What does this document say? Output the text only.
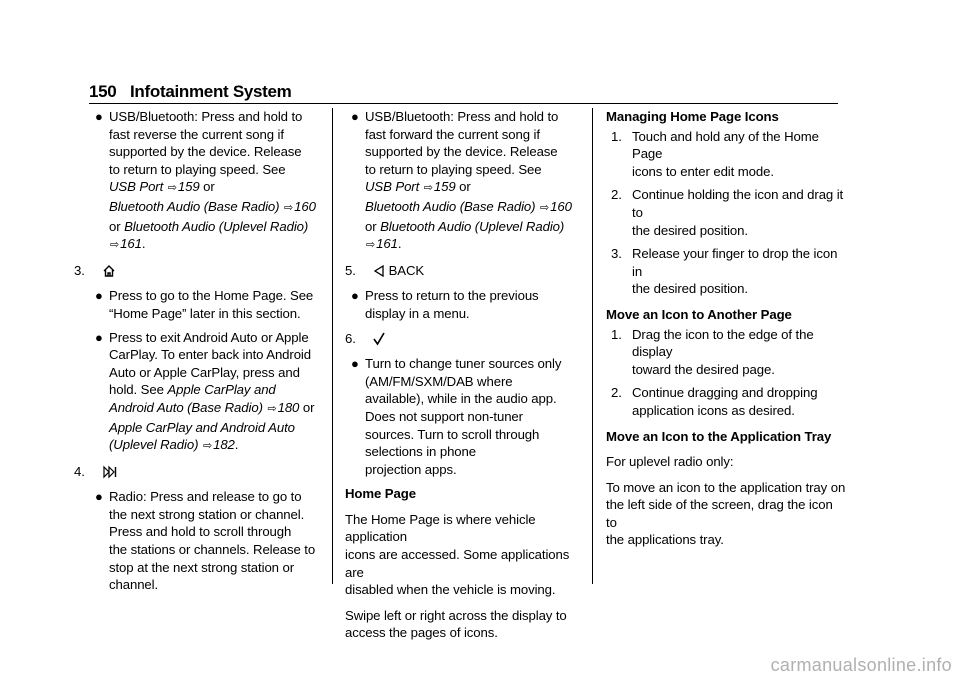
150 Infotainment System
● USB/Bluetooth: Press and hold to

fast reverse the current song if

supported by the device. Release

to return to playing speed. See

USB Port ⇨159 or

Bluetooth Audio (Base Radio) ⇨160

or Bluetooth Audio (Uplevel Radio)

⇨161.

3.
● Press to go to the Home Page. See

“Home Page” later in this section.

● Press to exit Android Auto or Apple

CarPlay. To enter back into Android

Auto or Apple CarPlay, press and

hold. See Apple CarPlay and

Android Auto (Base Radio) ⇨180 or

Apple CarPlay and Android Auto

(Uplevel Radio) ⇨182.

4.
● Radio: Press and release to go to

the next strong station or channel.

Press and hold to scroll through

the stations or channels. Release to

stop at the next strong station or

channel.

● USB/Bluetooth: Press and hold to

fast forward the current song if

supported by the device. Release

to return to playing speed. See

USB Port ⇨159 or

Bluetooth Audio (Base Radio) ⇨160

or Bluetooth Audio (Uplevel Radio)

⇨161.

5. BACK
● Press to return to the previous

display in a menu.

6.
● Turn to change tuner sources only

(AM/FM/SXM/DAB where

available), while in the audio app.

Does not support non-tuner

sources. Turn to scroll through

selections in phone

projection apps.

Home Page

The Home Page is where vehicle application

icons are accessed. Some applications are

disabled when the vehicle is moving.

Swipe left or right across the display to

access the pages of icons.

Managing Home Page Icons

1. Touch and hold any of the Home Page

icons to enter edit mode.

2. Continue holding the icon and drag it to

the desired position.

3. Release your finger to drop the icon in

the desired position.

Move an Icon to Another Page

1. Drag the icon to the edge of the display

toward the desired page.

2. Continue dragging and dropping

application icons as desired.

Move an Icon to the Application Tray

For uplevel radio only:

To move an icon to the application tray on

the left side of the screen, drag the icon to

the applications tray.

carmanualsonline.info
